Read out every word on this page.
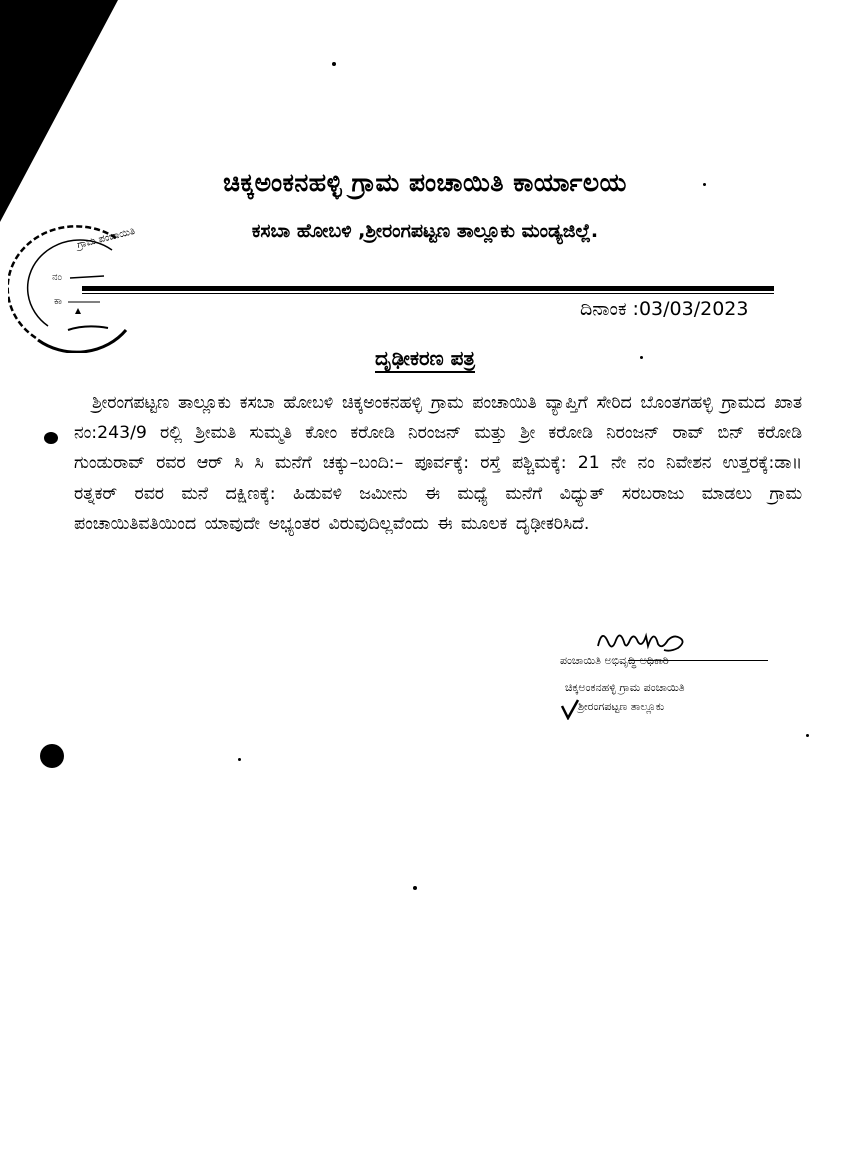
ಗ್ರಾಮ ಪಂಚಾಯಿತಿ
ನಂ
ಕಾ
ಚಿಕ್ಕಅಂಕನಹಳ್ಳಿ ಗ್ರಾಮ ಪಂಚಾಯಿತಿ ಕಾರ್ಯಾಲಯ
ಕಸಬಾ ಹೋಬಳಿ ,ಶ್ರೀರಂಗಪಟ್ಟಣ ತಾಲ್ಲೂಕು ಮಂಡ್ಯಜಿಲ್ಲೆ.
ದಿನಾಂಕ :03/03/2023
ದೃಢೀಕರಣ ಪತ್ರ

ಶ್ರೀರಂಗಪಟ್ಟಣ ತಾಲ್ಲೂಕು ಕಸಬಾ ಹೋಬಳಿ ಚಿಕ್ಕಅಂಕನಹಳ್ಳಿ ಗ್ರಾಮ ಪಂಚಾಯಿತಿ ವ್ಯಾಪ್ತಿಗೆ ಸೇರಿದ ಬೊಂತಗಹಳ್ಳಿ ಗ್ರಾಮದ ಖಾತ ನಂ:243/9 ರಲ್ಲಿ ಶ್ರೀಮತಿ ಸುಮ್ಮತಿ ಕೋಂ ಕರೋಡಿ ನಿರಂಜನ್ ಮತ್ತು ಶ್ರೀ ಕರೋಡಿ ನಿರಂಜನ್ ರಾವ್ ಬಿನ್ ಕರೋಡಿ ಗುಂಡುರಾವ್ ರವರ ಆರ್ ಸಿ ಸಿ ಮನೆಗೆ ಚಕ್ಕು–ಬಂದಿ:– ಪೂರ್ವಕ್ಕೆ: ರಸ್ತೆ ಪಶ್ಚಿಮಕ್ಕೆ: 21 ನೇ ನಂ ನಿವೇಶನ ಉತ್ತರಕ್ಕೆ:ಡಾ॥ ರತ್ನಕರ್ ರವರ ಮನೆ ದಕ್ಷಿಣಕ್ಕೆ: ಹಿಡುವಳಿ ಜಮೀನು ಈ ಮಧ್ಯೆ ಮನೆಗೆ ವಿಧ್ಯುತ್ ಸರಬರಾಜು ಮಾಡಲು ಗ್ರಾಮ ಪಂಚಾಯಿತಿವತಿಯಿಂದ ಯಾವುದೇ ಅಭ್ಯಂತರ ವಿರುವುದಿಲ್ಲವೆಂದು ಈ ಮೂಲಕ ದೃಢೀಕರಿಸಿದೆ.

ಪಂಚಾಯಿತಿ ಅಭಿವೃದ್ಧಿ ಅಧಿಕಾರಿ
ಚಿಕ್ಕಅಂಕನಹಳ್ಳಿ ಗ್ರಾಮ ಪಂಚಾಯಿತಿ
ಶ್ರೀರಂಗಪಟ್ಟಣ ತಾಲ್ಲೂಕು
